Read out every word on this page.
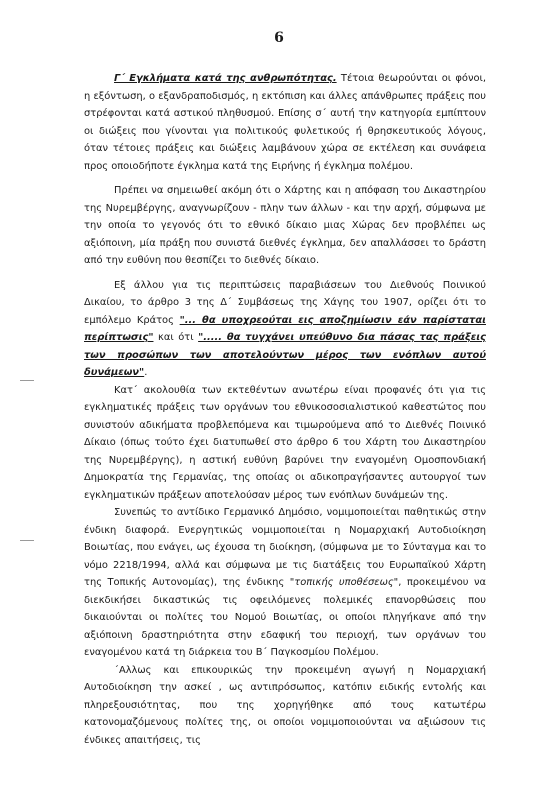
6

Γ΄ Εγκλήματα κατά της ανθρωπότητας. Τέτοια θεωρούνται οι φόνοι, η εξόντωση, ο εξανδραποδισμός, η εκτόπιση και άλλες απάνθρωπες πράξεις που στρέφονται κατά αστικού πληθυσμού. Επίσης σ΄ αυτή την κατηγορία εμπίπτουν οι διώξεις που γίνονται για πολιτικούς φυλετικούς ή θρησκευτικούς λόγους, όταν τέτοιες πράξεις και διώξεις λαμβάνουν χώρα σε εκτέλεση και συνάφεια προς οποιοδήποτε έγκλημα κατά της Ειρήνης ή έγκλημα πολέμου.

Πρέπει να σημειωθεί ακόμη ότι ο Χάρτης και η απόφαση του Δικαστηρίου της Νυρεμβέργης, αναγνωρίζουν - πλην των άλλων - και την αρχή, σύμφωνα με την οποία το γεγονός ότι το εθνικό δίκαιο μιας Χώρας δεν προβλέπει ως αξιόποινη, μία πράξη που συνιστά διεθνές έγκλημα, δεν απαλλάσσει το δράστη από την ευθύνη που θεσπίζει το διεθνές δίκαιο.

Εξ άλλου για τις περιπτώσεις παραβιάσεων του Διεθνούς Ποινικού Δικαίου, το άρθρο 3 της Δ΄ Συμβάσεως της Χάγης του 1907, ορίζει ότι το εμπόλεμο Κράτος "... θα υποχρεούται εις αποζημίωσιν εάν παρίσταται περίπτωσις" και ότι "..... θα τυγχάνει υπεύθυνο δια πάσας τας πράξεις των προσώπων των αποτελούντων μέρος των ενόπλων αυτού δυνάμεων".

Κατ΄ ακολουθία των εκτεθέντων ανωτέρω είναι προφανές ότι για τις εγκληματικές πράξεις των οργάνων του εθνικοσοσιαλιστικού καθεστώτος που συνιστούν αδικήματα προβλεπόμενα και τιμωρούμενα από το Διεθνές Ποινικό Δίκαιο (όπως τούτο έχει διατυπωθεί στο άρθρο 6 του Χάρτη του Δικαστηρίου της Νυρεμβέργης), η αστική ευθύνη βαρύνει την εναγομένη Ομοσπονδιακή Δημοκρατία της Γερμανίας, της οποίας οι αδικοπραγήσαντες αυτουργοί των εγκληματικών πράξεων αποτελούσαν μέρος των ενόπλων δυνάμεών της.

Συνεπώς το αντίδικο Γερμανικό Δημόσιο, νομιμοποιείται παθητικώς στην ένδικη διαφορά. Ενεργητικώς νομιμοποιείται η Νομαρχιακή Αυτοδιοίκηση Βοιωτίας, που ενάγει, ως έχουσα τη διοίκηση, (σύμφωνα με το Σύνταγμα και το νόμο 2218/1994, αλλά και σύμφωνα με τις διατάξεις του Ευρωπαϊκού Χάρτη της Τοπικής Αυτονομίας), της ένδικης "τοπικής υποθέσεως", προκειμένου να διεκδικήσει δικαστικώς τις οφειλόμενες πολεμικές επανορθώσεις που δικαιούνται οι πολίτες του Νομού Βοιωτίας, οι οποίοι πληγήκανε από την αξιόποινη δραστηριότητα στην εδαφική του περιοχή, των οργάνων του εναγομένου κατά τη διάρκεια του Β΄ Παγκοσμίου Πολέμου.

΄Αλλως και επικουρικώς την προκειμένη αγωγή η Νομαρχιακή Αυτοδιοίκηση την ασκεί , ως αντιπρόσωπος, κατόπιν ειδικής εντολής και πληρεξουσιότητας, που της χορηγήθηκε από τους κατωτέρω κατονομαζόμενους πολίτες της, οι οποίοι νομιμοποιούνται να αξιώσουν τις ένδικες απαιτήσεις, τις
